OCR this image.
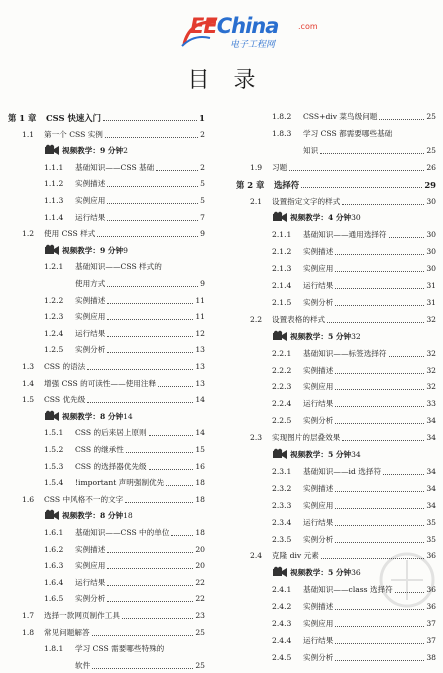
EEChina .com
电子工程网
目录
第 1 章	CSS 快速入门	1
1.1	第一个 CSS 实例	2
视频教学：9 分钟 2
1.1.1	基础知识——CSS 基础	2
1.1.2	实例描述	5
1.1.3	实例应用	5
1.1.4	运行结果	7
1.2	使用 CSS 样式	9
视频教学：9 分钟 9
1.2.1	基础知识——CSS 样式的
使用方式	9
1.2.2	实例描述	11
1.2.3	实例应用	11
1.2.4	运行结果	12
1.2.5	实例分析	13
1.3	CSS 的语法	13
1.4	增强 CSS 的可读性——使用注释	13
1.5	CSS 优先级	14
视频教学：8 分钟 14
1.5.1	CSS 的后来居上原则	14
1.5.2	CSS 的继承性	15
1.5.3	CSS 的选择器优先级	16
1.5.4	!important 声明强制优先	18
1.6	CSS 中风格不一的文字	18
视频教学：8 分钟 18
1.6.1	基础知识——CSS 中的单位	18
1.6.2	实例描述	20
1.6.3	实例应用	20
1.6.4	运行结果	22
1.6.5	实例分析	22
1.7	选择一款网页制作工具	23
1.8	常见问题解答	25
1.8.1	学习 CSS 需要哪些特殊的
软件	25
1.8.2	CSS+div 菜鸟级问题	25
1.8.3	学习 CSS 都需要哪些基础
知识	25
1.9	习题	26
第 2 章	选择符	29
2.1	设置指定文字的样式	30
视频教学：4 分钟 30
2.1.1	基础知识——通用选择符	30
2.1.2	实例描述	30
2.1.3	实例应用	30
2.1.4	运行结果	31
2.1.5	实例分析	31
2.2	设置表格的样式	32
视频教学：5 分钟 32
2.2.1	基础知识——标签选择符	32
2.2.2	实例描述	32
2.2.3	实例应用	32
2.2.4	运行结果	33
2.2.5	实例分析	34
2.3	实现图片的层叠效果	34
视频教学：5 分钟 34
2.3.1	基础知识——id 选择符	34
2.3.2	实例描述	34
2.3.3	实例应用	34
2.3.4	运行结果	35
2.3.5	实例分析	35
2.4	克隆 div 元素	36
视频教学：5 分钟 36
2.4.1	基础知识——class 选择符	36
2.4.2	实例描述	36
2.4.3	实例应用	37
2.4.4	运行结果	37
2.4.5	实例分析	38
